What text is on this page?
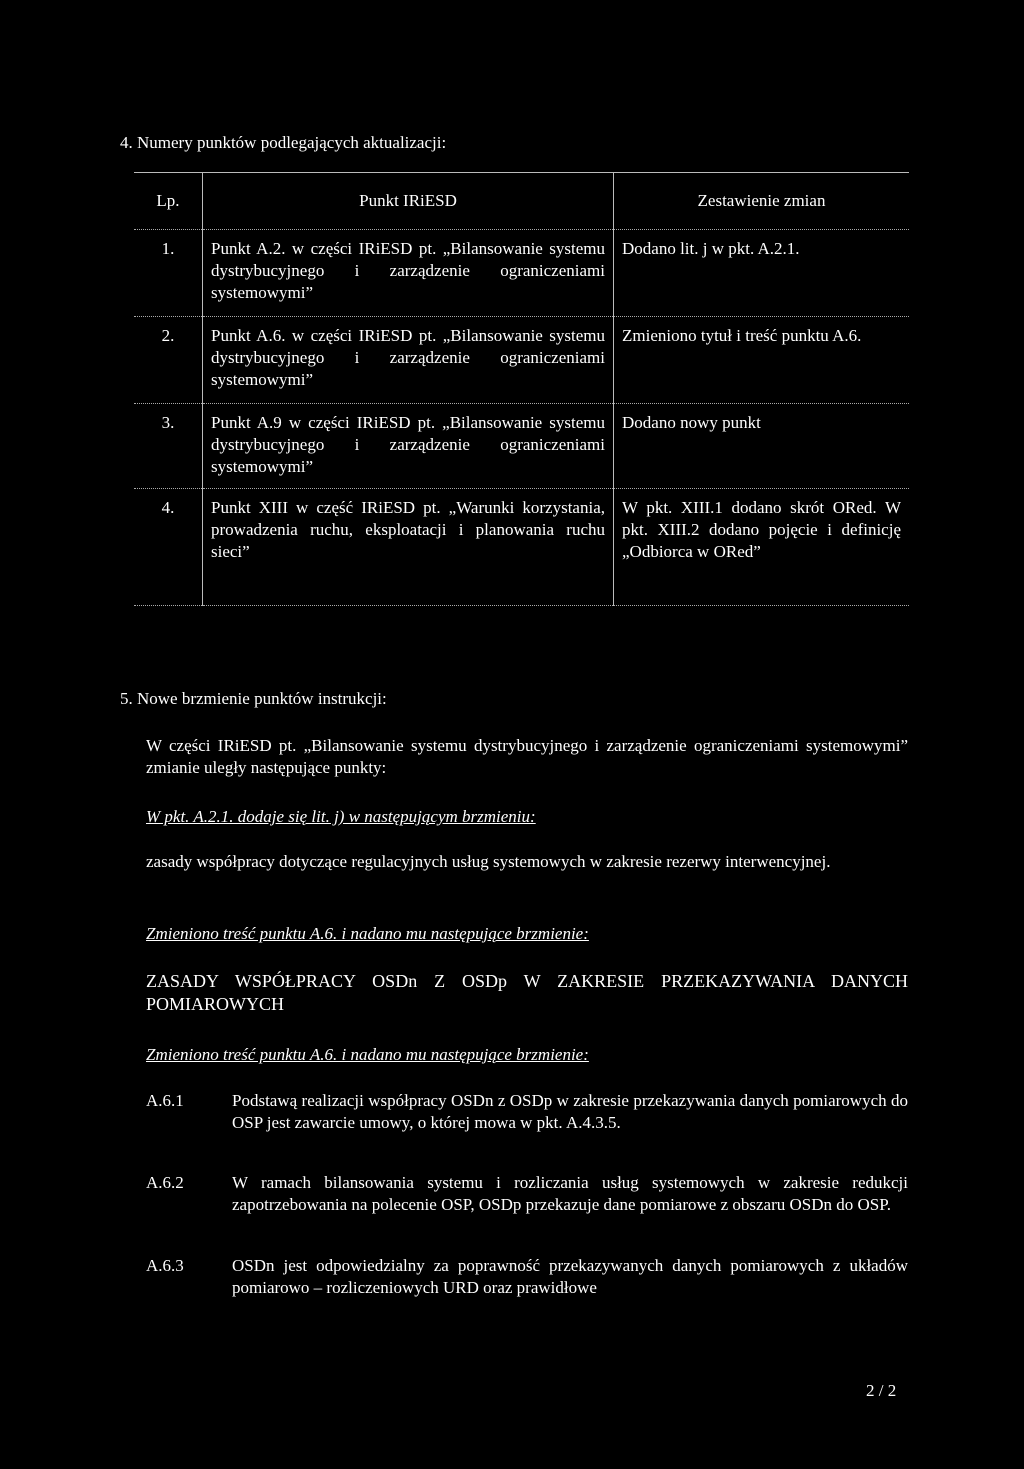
4. Numery punktów podlegających aktualizacji:
Lp.	Punkt IRiESD	Zestawienie zmian
1.	Punkt A.2. w części IRiESD pt. „Bilansowanie systemu dystrybucyjnego i zarządzenie ograniczeniami systemowymi”	Dodano lit. j w pkt. A.2.1.
2.	Punkt A.6. w części IRiESD pt. „Bilansowanie systemu dystrybucyjnego i zarządzenie ograniczeniami systemowymi”	Zmieniono tytuł i treść punktu A.6.
3.	Punkt A.9 w części IRiESD pt. „Bilansowanie systemu dystrybucyjnego i zarządzenie ograniczeniami systemowymi”	Dodano nowy punkt
4.	Punkt XIII w część IRiESD pt. „Warunki korzystania, prowadzenia ruchu, eksploatacji i planowania ruchu sieci”	W pkt. XIII.1 dodano skrót ORed. W pkt. XIII.2 dodano pojęcie i definicję „Odbiorca w ORed”
5. Nowe brzmienie punktów instrukcji:
W części IRiESD pt. „Bilansowanie systemu dystrybucyjnego i zarządzenie ograniczeniami systemowymi” zmianie uległy następujące punkty:
W pkt. A.2.1. dodaje się lit. j) w następującym brzmieniu:
zasady współpracy dotyczące regulacyjnych usług systemowych w zakresie rezerwy interwencyjnej.
Zmieniono treść punktu A.6. i nadano mu następujące brzmienie:
ZASADY WSPÓŁPRACY OSDn Z OSDp W ZAKRESIE PRZEKAZYWANIA DANYCH POMIAROWYCH
Zmieniono treść punktu A.6. i nadano mu następujące brzmienie:
A.6.1	Podstawą realizacji współpracy OSDn z OSDp w zakresie przekazywania danych pomiarowych do OSP jest zawarcie umowy, o której mowa w pkt. A.4.3.5.
A.6.2	W ramach bilansowania systemu i rozliczania usług systemowych w zakresie redukcji zapotrzebowania na polecenie OSP, OSDp przekazuje dane pomiarowe z obszaru OSDn do OSP.
A.6.3	OSDn jest odpowiedzialny za poprawność przekazywanych danych pomiarowych z układów pomiarowo – rozliczeniowych URD oraz prawidłowe
2 / 2
